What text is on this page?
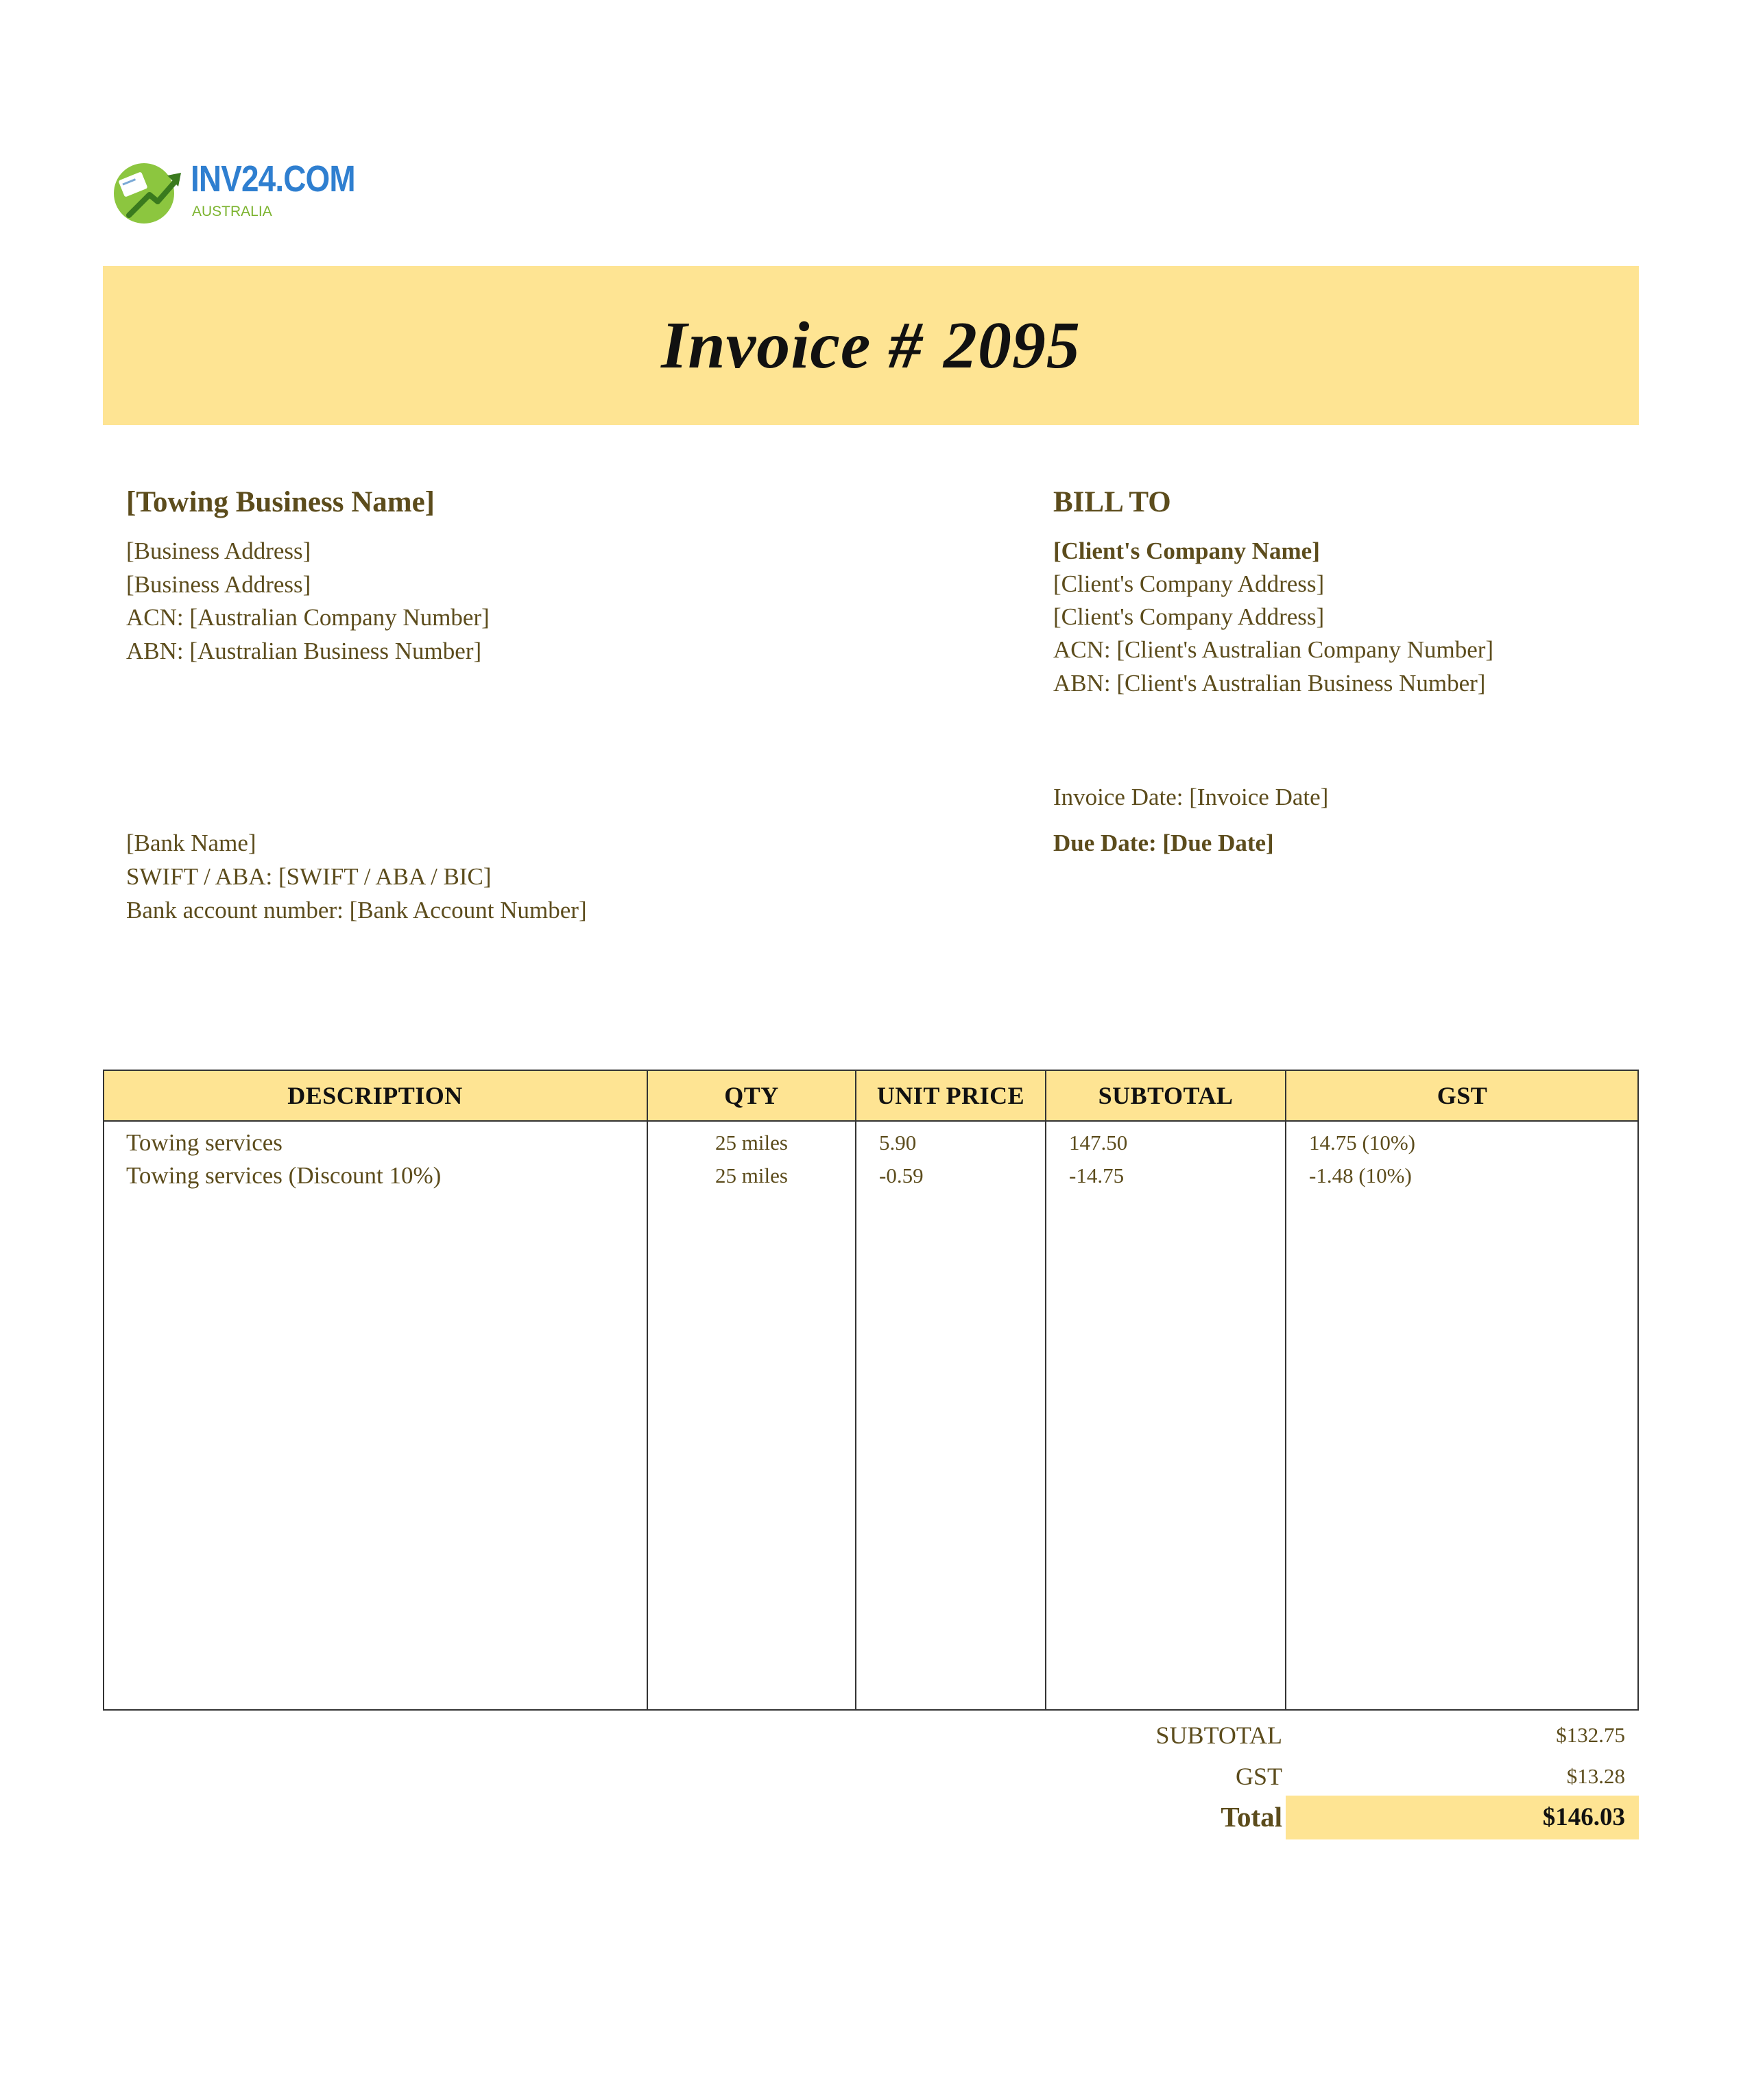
INV24.COM
AUSTRALIA
Invoice # 2095
[Towing Business Name]
[Business Address]
[Business Address]
ACN: [Australian Company Number]
ABN: [Australian Business Number]
[Bank Name]
SWIFT / ABA: [SWIFT / ABA / BIC]
Bank account number: [Bank Account Number]
BILL TO
[Client's Company Name]
[Client's Company Address]
[Client's Company Address]
ACN: [Client's Australian Company Number]
ABN: [Client's Australian Business Number]
Invoice Date: [Invoice Date]
Due Date: [Due Date]
DESCRIPTION	QTY	UNIT PRICE	SUBTOTAL	GST
Towing services	25 miles	5.90	147.50	14.75 (10%)
Towing services (Discount 10%)	25 miles	-0.59	-14.75	-1.48 (10%)
SUBTOTAL	$132.75
GST	$13.28
Total	$146.03
